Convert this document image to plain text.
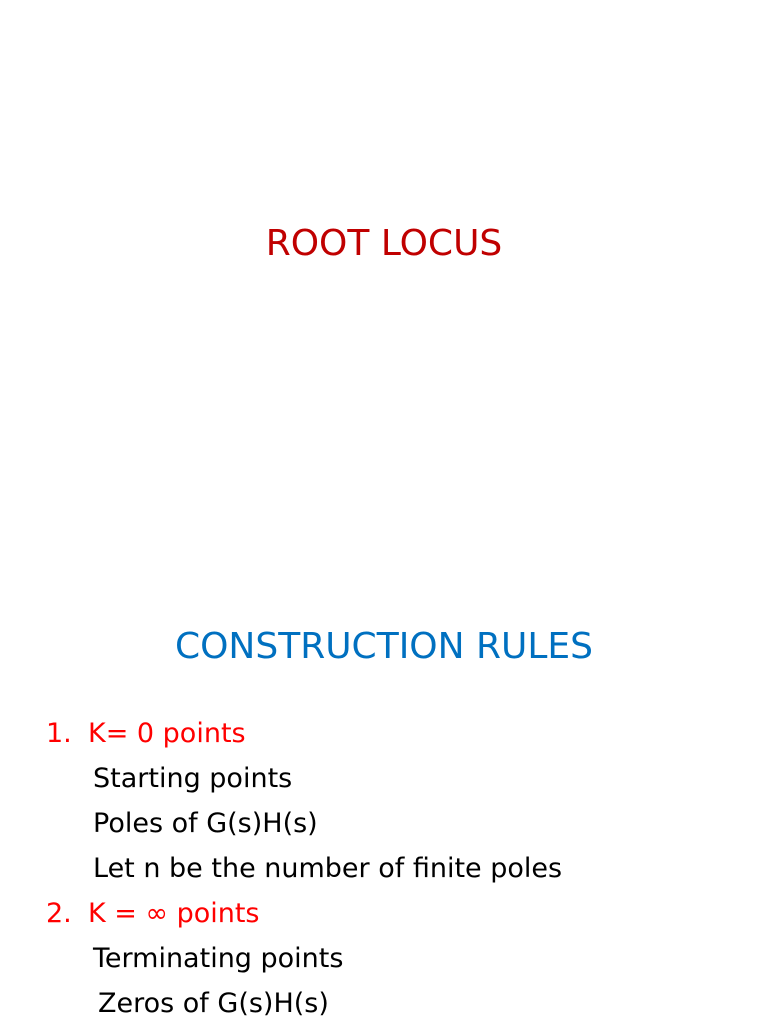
ROOT LOCUS
CONSTRUCTION RULES
1. K= 0 points
Starting points
Poles of G(s)H(s)
Let n be the number of finite poles
2. K = ∞ points
Terminating points
Zeros of G(s)H(s)
